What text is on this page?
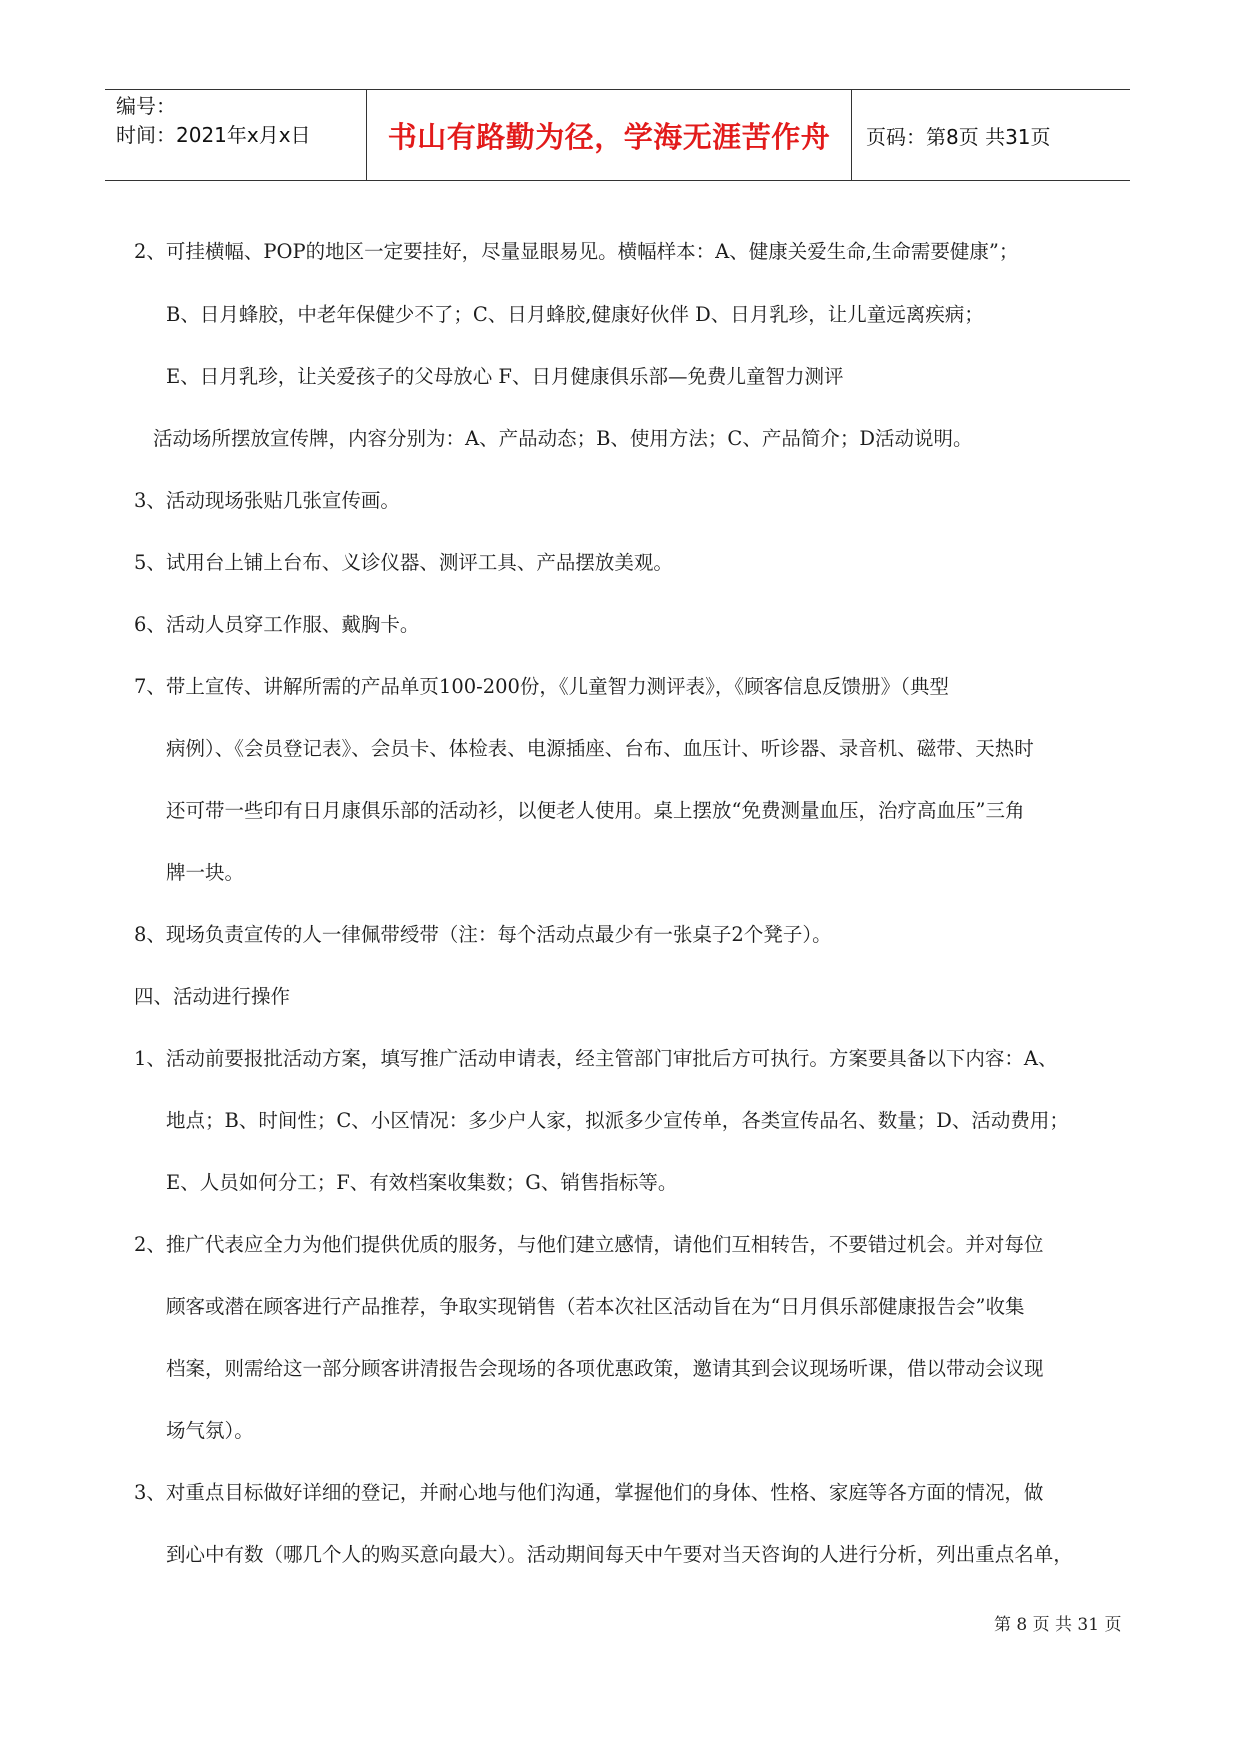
编号：
时间：2021年x月x日	书山有路勤为径，学海无涯苦作舟	页码：第8页 共31页
2、可挂横幅、POP的地区一定要挂好，尽量显眼易见。横幅样本：A、健康关爱生命,生命需要健康”；
B、日月蜂胶，中老年保健少不了；C、日月蜂胶,健康好伙伴 D、日月乳珍，让儿童远离疾病；
E、日月乳珍，让关爱孩子的父母放心 F、日月健康俱乐部—免费儿童智力测评
活动场所摆放宣传牌，内容分别为：A、产品动态；B、使用方法；C、产品简介；D活动说明。
3、活动现场张贴几张宣传画。
5、试用台上铺上台布、义诊仪器、测评工具、产品摆放美观。
6、活动人员穿工作服、戴胸卡。
7、带上宣传、讲解所需的产品单页100-200份，《儿童智力测评表》，《顾客信息反馈册》（典型
病例）、《会员登记表》、会员卡、体检表、电源插座、台布、血压计、听诊器、录音机、磁带、天热时
还可带一些印有日月康俱乐部的活动衫，以便老人使用。桌上摆放“免费测量血压，治疗高血压”三角
牌一块。
8、现场负责宣传的人一律佩带绶带（注：每个活动点最少有一张桌子2个凳子）。
四、活动进行操作
1、活动前要报批活动方案，填写推广活动申请表，经主管部门审批后方可执行。方案要具备以下内容：A、
地点；B、时间性；C、小区情况：多少户人家，拟派多少宣传单，各类宣传品名、数量；D、活动费用；
E、人员如何分工；F、有效档案收集数；G、销售指标等。
2、推广代表应全力为他们提供优质的服务，与他们建立感情，请他们互相转告，不要错过机会。并对每位
顾客或潜在顾客进行产品推荐，争取实现销售（若本次社区活动旨在为“日月俱乐部健康报告会”收集
档案，则需给这一部分顾客讲清报告会现场的各项优惠政策，邀请其到会议现场听课，借以带动会议现
场气氛）。
3、对重点目标做好详细的登记，并耐心地与他们沟通，掌握他们的身体、性格、家庭等各方面的情况，做
到心中有数（哪几个人的购买意向最大）。活动期间每天中午要对当天咨询的人进行分析，列出重点名单，
第 8 页 共 31 页
